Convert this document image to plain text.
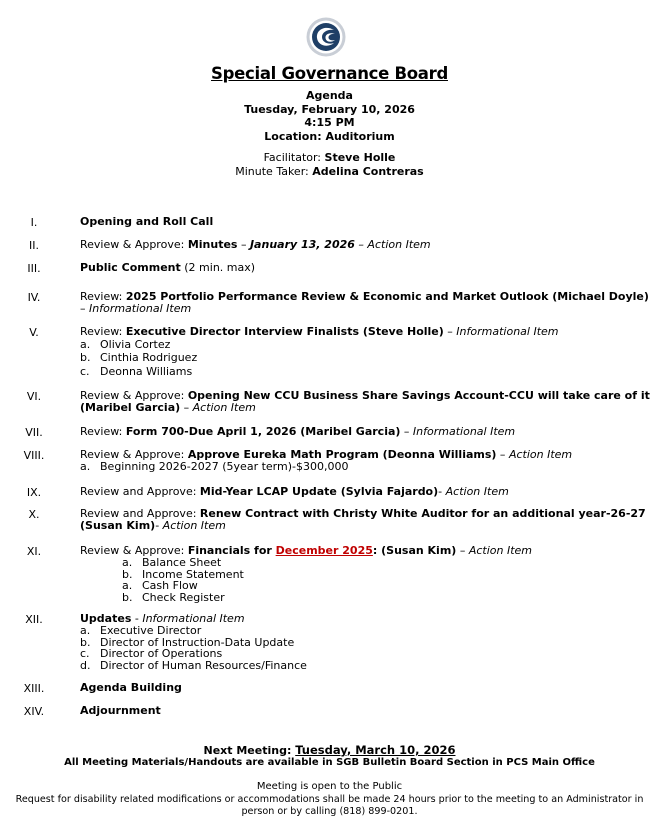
Special Governance Board
Agenda
Tuesday, February 10, 2026
4:15 PM
Location: Auditorium
Facilitator: Steve Holle
Minute Taker: Adelina Contreras
I.	Opening and Roll Call
II.	Review & Approve: Minutes – January 13, 2026 – Action Item
III.	Public Comment (2 min. max)
IV.	Review: 2025 Portfolio Performance Review & Economic and Market Outlook (Michael Doyle) – Informational Item
V.	Review: Executive Director Interview Finalists (Steve Holle) – Informational Item
a. Olivia Cortez
b. Cinthia Rodriguez
c. Deonna Williams
VI.	Review & Approve: Opening New CCU Business Share Savings Account-CCU will take care of it (Maribel Garcia) – Action Item
VII.	Review: Form 700-Due April 1, 2026 (Maribel Garcia) – Informational Item
VIII.	Review & Approve: Approve Eureka Math Program (Deonna Williams) – Action Item
a. Beginning 2026-2027 (5year term)-$300,000
IX.	Review and Approve: Mid-Year LCAP Update (Sylvia Fajardo)- Action Item
X.	Review and Approve: Renew Contract with Christy White Auditor for an additional year-26-27 (Susan Kim)- Action Item
XI.	Review & Approve: Financials for December 2025: (Susan Kim) – Action Item
a. Balance Sheet
b. Income Statement
a. Cash Flow
b. Check Register
XII.	Updates - Informational Item
a. Executive Director
b. Director of Instruction-Data Update
c. Director of Operations
d. Director of Human Resources/Finance
XIII.	Agenda Building
XIV.	Adjournment
Next Meeting: Tuesday, March 10, 2026
All Meeting Materials/Handouts are available in SGB Bulletin Board Section in PCS Main Office
Meeting is open to the Public
Request for disability related modifications or accommodations shall be made 24 hours prior to the meeting to an Administrator in
person or by calling (818) 899-0201.
